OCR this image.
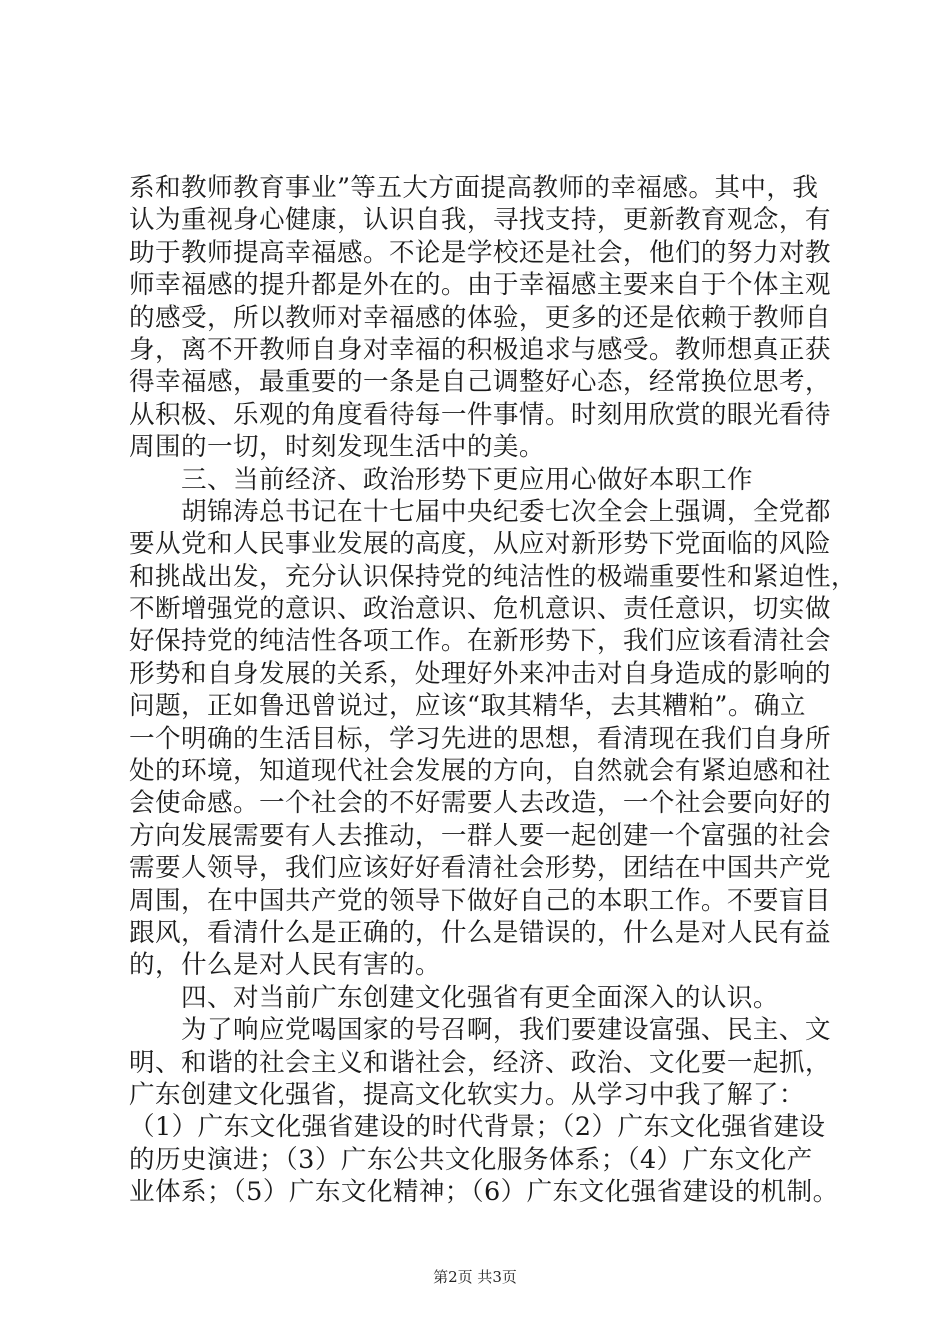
系和教师教育事业”等五大方面提高教师的幸福感。其中，我
认为重视身心健康，认识自我，寻找支持，更新教育观念，有
助于教师提高幸福感。不论是学校还是社会，他们的努力对教
师幸福感的提升都是外在的。由于幸福感主要来自于个体主观
的感受，所以教师对幸福感的体验，更多的还是依赖于教师自
身，离不开教师自身对幸福的积极追求与感受。教师想真正获
得幸福感，最重要的一条是自己调整好心态，经常换位思考，
从积极、乐观的角度看待每一件事情。时刻用欣赏的眼光看待
周围的一切，时刻发现生活中的美。
　　三、当前经济、政治形势下更应用心做好本职工作
　　胡锦涛总书记在十七届中央纪委七次全会上强调，全党都
要从党和人民事业发展的高度，从应对新形势下党面临的风险
和挑战出发，充分认识保持党的纯洁性的极端重要性和紧迫性，
不断增强党的意识、政治意识、危机意识、责任意识，切实做
好保持党的纯洁性各项工作。在新形势下，我们应该看清社会
形势和自身发展的关系，处理好外来冲击对自身造成的影响的
问题，正如鲁迅曾说过，应该“取其精华，去其糟粕”。确立
一个明确的生活目标，学习先进的思想，看清现在我们自身所
处的环境，知道现代社会发展的方向，自然就会有紧迫感和社
会使命感。一个社会的不好需要人去改造，一个社会要向好的
方向发展需要有人去推动，一群人要一起创建一个富强的社会
需要人领导，我们应该好好看清社会形势，团结在中国共产党
周围，在中国共产党的领导下做好自己的本职工作。不要盲目
跟风，看清什么是正确的，什么是错误的，什么是对人民有益
的，什么是对人民有害的。
　　四、对当前广东创建文化强省有更全面深入的认识。
　　为了响应党喝国家的号召啊，我们要建设富强、民主、文
明、和谐的社会主义和谐社会，经济、政治、文化要一起抓，
广东创建文化强省，提高文化软实力。从学习中我了解了：
（1）广东文化强省建设的时代背景；（2）广东文化强省建设
的历史演进；（3）广东公共文化服务体系；（4）广东文化产
业体系；（5）广东文化精神；（6）广东文化强省建设的机制。
第2页 共3页
